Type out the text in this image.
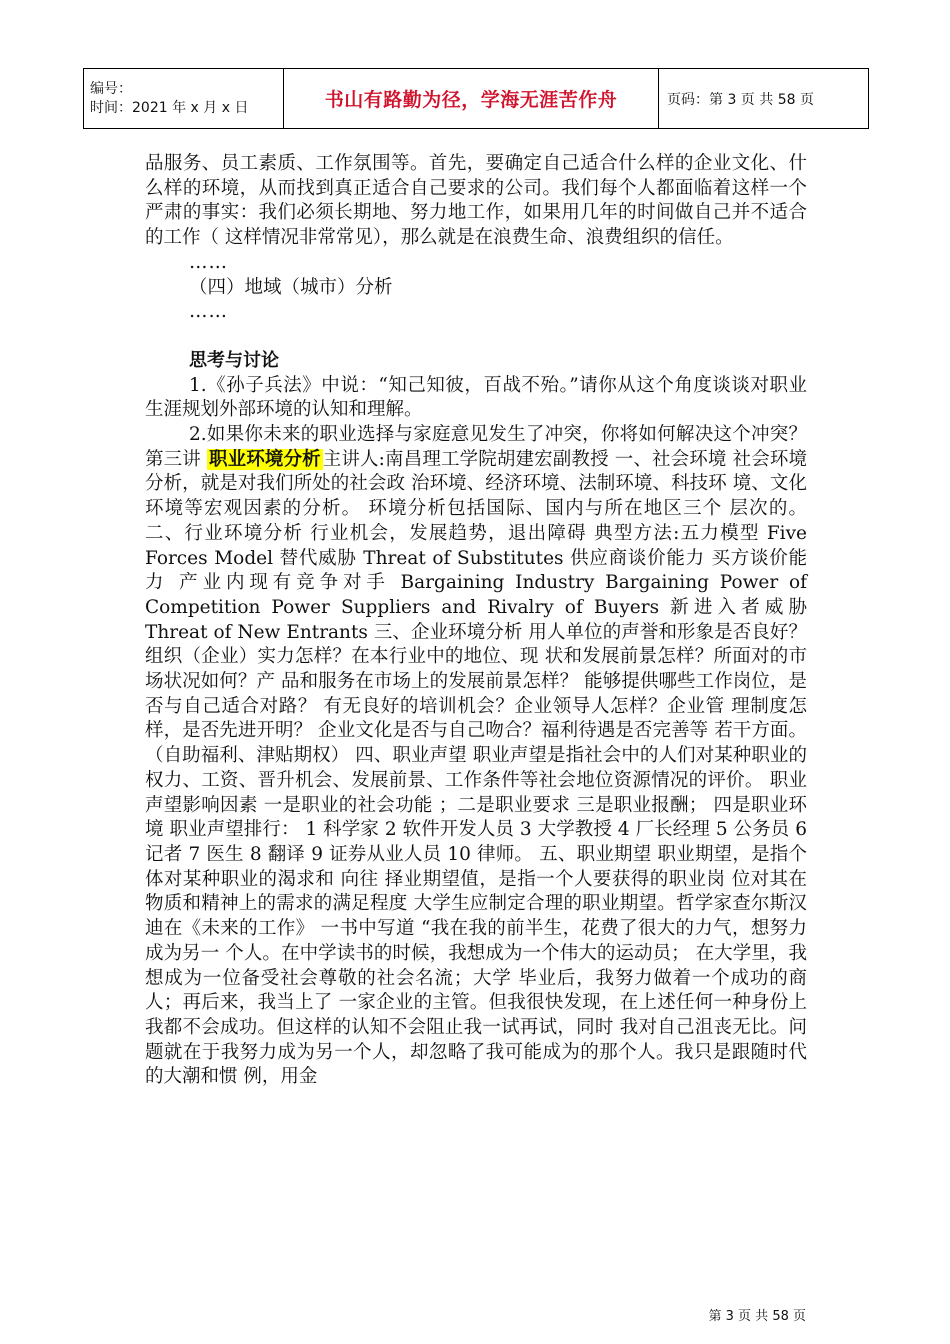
编号：
时间：2021 年 x 月 x 日	书山有路勤为径，学海无涯苦作舟	页码：第 3 页 共 58 页

品服务、员工素质、工作氛围等。首先，要确定自己适合什么样的企业文化、什么样的环境，从而找到真正适合自己要求的公司。我们每个人都面临着这样一个严肃的事实：我们必须长期地、努力地工作，如果用几年的时间做自己并不适合的工作（ 这样情况非常常见），那么就是在浪费生命、浪费组织的信任。

……

（四）地域（城市）分析

……

思考与讨论

1.《孙子兵法》中说：“知己知彼，百战不殆。”请你从这个角度谈谈对职业生涯规划外部环境的认知和理解。

2.如果你未来的职业选择与家庭意见发生了冲突，你将如何解决这个冲突？第三讲 职业环境分析 主讲人:南昌理工学院胡建宏副教授 一、社会环境 社会环境分析，就是对我们所处的社会政 治环境、经济环境、法制环境、科技环 境、文化环境等宏观因素的分析。 环境分析包括国际、国内与所在地区三个 层次的。 二、行业环境分析 行业机会，发展趋势，退出障碍 典型方法:五力模型 Five Forces Model 替代威胁 Threat of Substitutes 供应商谈价能力 买方谈价能力 产业内现有竞争对手 Bargaining Industry Bargaining Power of Competition Power Suppliers and Rivalry of Buyers 新进入者威胁 Threat of New Entrants 三、企业环境分析 用人单位的声誉和形象是否良好？ 组织（企业）实力怎样？在本行业中的地位、现 状和发展前景怎样？所面对的市场状况如何？产 品和服务在市场上的发展前景怎样？ 能够提供哪些工作岗位，是否与自己适合对路？ 有无良好的培训机会？企业领导人怎样？企业管 理制度怎样，是否先进开明？ 企业文化是否与自己吻合？福利待遇是否完善等 若干方面。（自助福利、津贴期权） 四、职业声望 职业声望是指社会中的人们对某种职业的 权力、工资、晋升机会、发展前景、工作条件等社会地位资源情况的评价。 职业声望影响因素 一是职业的社会功能 ；二是职业要求 三是职业报酬； 四是职业环境 职业声望排行： 1 科学家 2 软件开发人员 3 大学教授 4 厂长经理 5 公务员 6 记者 7 医生 8 翻译 9 证券从业人员 10 律师。 五、职业期望 职业期望，是指个体对某种职业的渴求和 向往 择业期望值，是指一个人要获得的职业岗 位对其在物质和精神上的需求的满足程度 大学生应制定合理的职业期望。哲学家查尔斯汉迪在《未来的工作》 一书中写道 “我在我的前半生，花费了很大的力气，想努力成为另一 个人。在中学读书的时候，我想成为一个伟大的运动员； 在大学里，我想成为一位备受社会尊敬的社会名流；大学 毕业后，我努力做着一个成功的商人；再后来，我当上了 一家企业的主管。但我很快发现，在上述任何一种身份上 我都不会成功。但这样的认知不会阻止我一试再试，同时 我对自己沮丧无比。问题就在于我努力成为另一个人，却忽略了我可能成为的那个人。我只是跟随时代的大潮和惯 例，用金

第 3 页 共 58 页
